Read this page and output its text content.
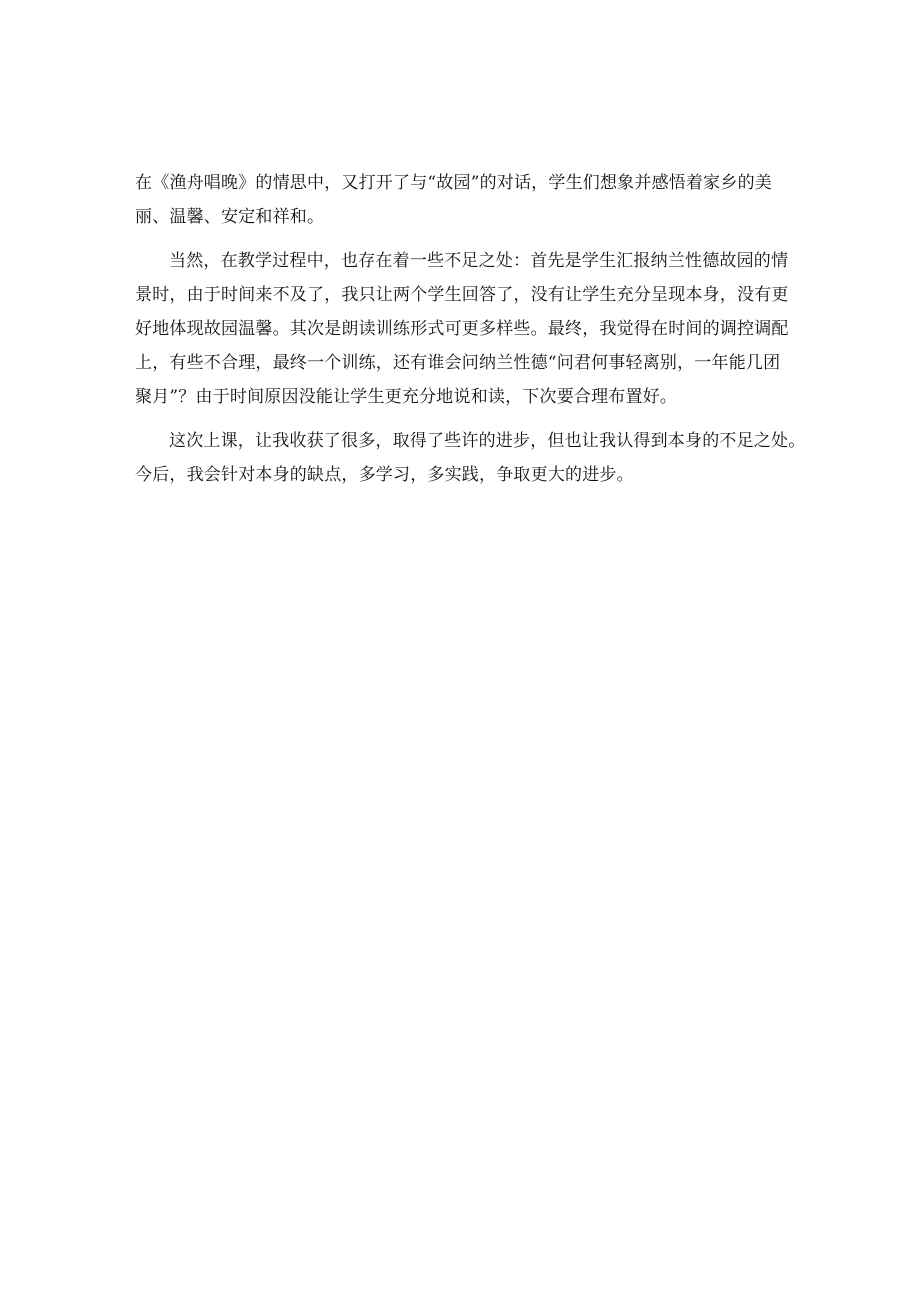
在《渔舟唱晚》的情思中，又打开了与“故园”的对话，学生们想象并感悟着家乡的美
丽、温馨、安定和祥和。
当然，在教学过程中，也存在着一些不足之处：首先是学生汇报纳兰性德故园的情
景时，由于时间来不及了，我只让两个学生回答了，没有让学生充分呈现本身，没有更
好地体现故园温馨。其次是朗读训练形式可更多样些。最终，我觉得在时间的调控调配
上，有些不合理，最终一个训练，还有谁会问纳兰性德“问君何事轻离别，一年能几团
聚月”？由于时间原因没能让学生更充分地说和读，下次要合理布置好。
这次上课，让我收获了很多，取得了些许的进步，但也让我认得到本身的不足之处。
今后，我会针对本身的缺点，多学习，多实践，争取更大的进步。
